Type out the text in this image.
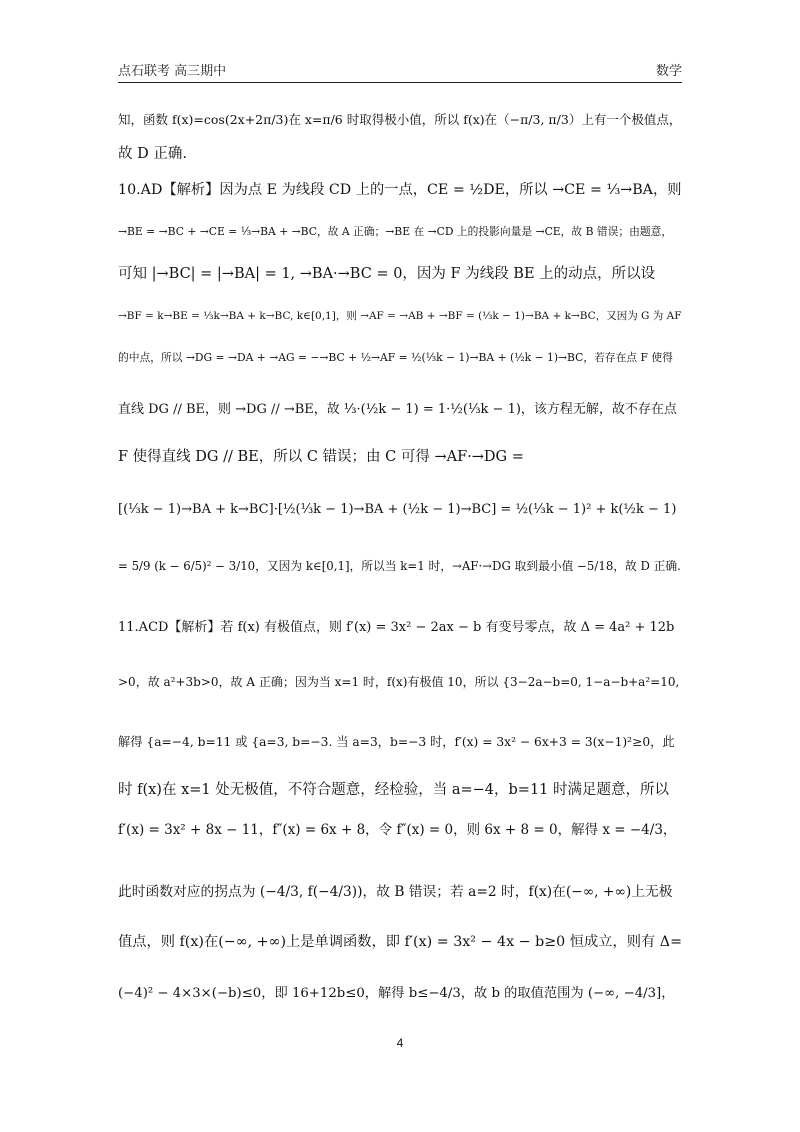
点石联考 高三期中	数学
知，函数 f(x)=cos(2x+2π/3)在 x=π/6 时取得极小值，所以 f(x)在（−π/3, π/3）上有一个极值点，
故 D 正确.
10.AD【解析】因为点 E 为线段 CD 上的一点，CE = ½DE，所以 →CE = ⅓→BA，则
→BE = →BC + →CE = ⅓→BA + →BC，故 A 正确；→BE 在 →CD 上的投影向量是 →CE，故 B 错误；由题意，
可知 |→BC| = |→BA| = 1, →BA·→BC = 0，因为 F 为线段 BE 上的动点，所以设
→BF = k→BE = ⅓k→BA + k→BC, k∈[0,1]，则 →AF = →AB + →BF = (⅓k − 1)→BA + k→BC，又因为 G 为 AF
的中点，所以 →DG = →DA + →AG = −→BC + ½→AF = ½(⅓k − 1)→BA + (½k − 1)→BC，若存在点 F 使得
直线 DG // BE，则 →DG // →BE，故 ⅓·(½k − 1) = 1·½(⅓k − 1)，该方程无解，故不存在点
F 使得直线 DG // BE，所以 C 错误；由 C 可得 →AF·→DG =
[(⅓k − 1)→BA + k→BC]·[½(⅓k − 1)→BA + (½k − 1)→BC] = ½(⅓k − 1)² + k(½k − 1)
= 5/9 (k − 6/5)² − 3/10，又因为 k∈[0,1]，所以当 k=1 时，→AF·→DG 取到最小值 −5/18，故 D 正确.
11.ACD【解析】若 f(x) 有极值点，则 f′(x) = 3x² − 2ax − b 有变号零点，故 Δ = 4a² + 12b
>0，故 a²+3b>0，故 A 正确；因为当 x=1 时，f(x)有极值 10，所以 {3−2a−b=0, 1−a−b+a²=10,
解得 {a=−4, b=11 或 {a=3, b=−3. 当 a=3，b=−3 时，f′(x) = 3x² − 6x+3 = 3(x−1)²≥0，此
时 f(x)在 x=1 处无极值，不符合题意，经检验，当 a=−4，b=11 时满足题意，所以
f′(x) = 3x² + 8x − 11，f″(x) = 6x + 8，令 f″(x) = 0，则 6x + 8 = 0，解得 x = −4/3，
此时函数对应的拐点为 (−4/3, f(−4/3))，故 B 错误；若 a=2 时，f(x)在(−∞, +∞)上无极
值点，则 f(x)在(−∞, +∞)上是单调函数，即 f′(x) = 3x² − 4x − b≥0 恒成立，则有 Δ=
(−4)² − 4×3×(−b)≤0，即 16+12b≤0，解得 b≤−4/3，故 b 的取值范围为 (−∞, −4/3]，
4
